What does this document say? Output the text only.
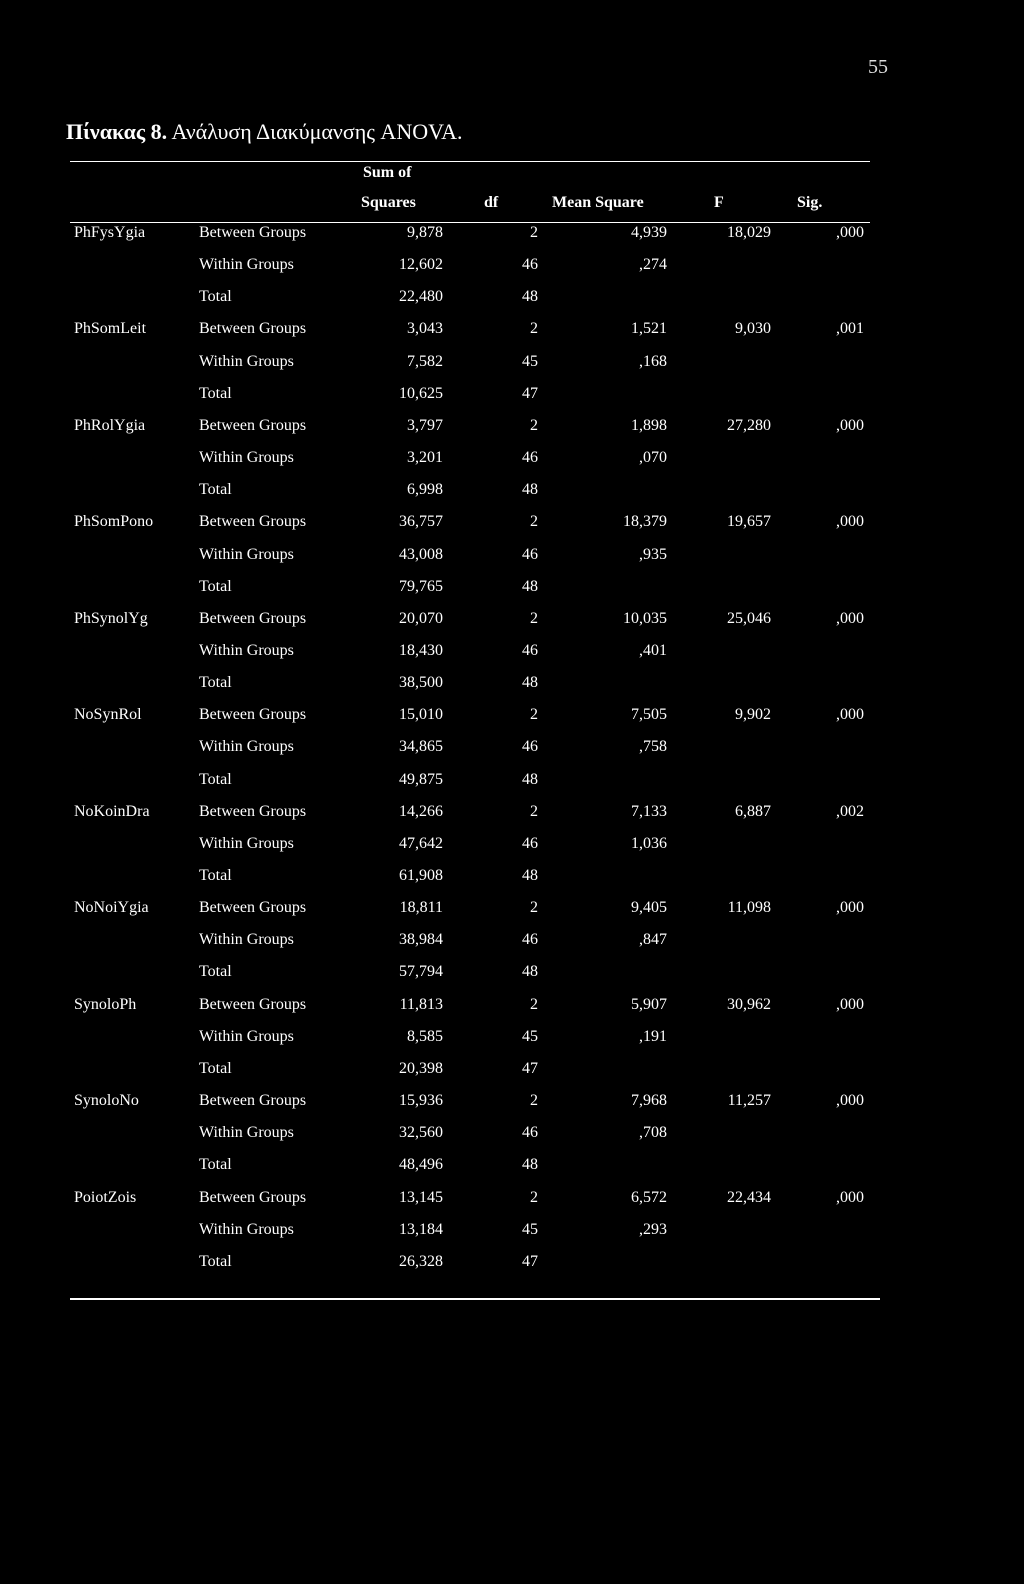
55
Πίνακας 8. Ανάλυση Διακύμανσης ANOVA.
Sum of
Squares	df	Mean Square	F	Sig.
PhFysYgia	Between Groups	9,878	2	4,939	18,029	,000
Within Groups	12,602	46	,274
Total	22,480	48
PhSomLeit	Between Groups	3,043	2	1,521	9,030	,001
Within Groups	7,582	45	,168
Total	10,625	47
PhRolYgia	Between Groups	3,797	2	1,898	27,280	,000
Within Groups	3,201	46	,070
Total	6,998	48
PhSomPono	Between Groups	36,757	2	18,379	19,657	,000
Within Groups	43,008	46	,935
Total	79,765	48
PhSynolYg	Between Groups	20,070	2	10,035	25,046	,000
Within Groups	18,430	46	,401
Total	38,500	48
NoSynRol	Between Groups	15,010	2	7,505	9,902	,000
Within Groups	34,865	46	,758
Total	49,875	48
NoKoinDra	Between Groups	14,266	2	7,133	6,887	,002
Within Groups	47,642	46	1,036
Total	61,908	48
NoNoiYgia	Between Groups	18,811	2	9,405	11,098	,000
Within Groups	38,984	46	,847
Total	57,794	48
SynoloPh	Between Groups	11,813	2	5,907	30,962	,000
Within Groups	8,585	45	,191
Total	20,398	47
SynoloNo	Between Groups	15,936	2	7,968	11,257	,000
Within Groups	32,560	46	,708
Total	48,496	48
PoiotZois	Between Groups	13,145	2	6,572	22,434	,000
Within Groups	13,184	45	,293
Total	26,328	47
